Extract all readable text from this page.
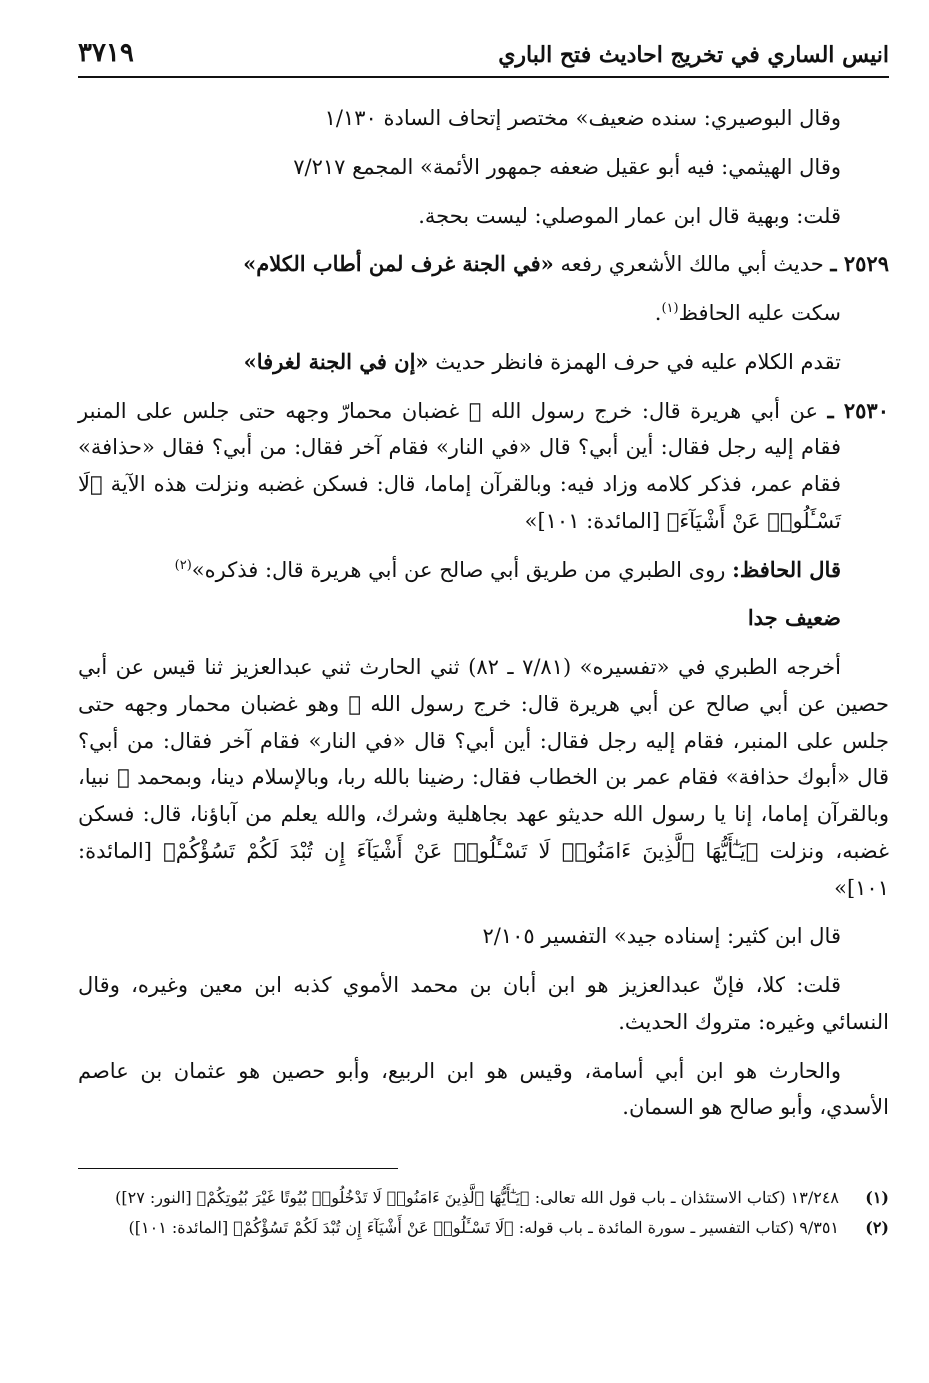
انيس الساري في تخريج احاديث فتح الباري
٣٧١٩

وقال البوصيري: سنده ضعيف» مختصر إتحاف السادة ١/١٣٠

وقال الهيثمي: فيه أبو عقيل ضعفه جمهور الأئمة» المجمع ٧/٢١٧

قلت: وبهية قال ابن عمار الموصلي: ليست بحجة.

٢٥٢٩ ـ حديث أبي مالك الأشعري رفعه «في الجنة غرف لمن أطاب الكلام»

سكت عليه الحافظ$^{(١)}$.

تقدم الكلام عليه في حرف الهمزة فانظر حديث «إن في الجنة لغرفا»

٢٥٣٠ ـ عن أبي هريرة قال: خرج رسول الله ﷺ غضبان محمارّ وجهه حتى جلس على المنبر فقام إليه رجل فقال: أين أبي؟ قال «في النار» فقام آخر فقال: من أبي؟ فقال «حذافة» فقام عمر، فذكر كلامه وزاد فيه: وبالقرآن إماما، قال: فسكن غضبه ونزلت هذه الآية ﴿لَا تَسْـَٔلُوا۟ عَنْ أَشْيَآءَ﴾ [المائدة: ١٠١]»

قال الحافظ: روى الطبري من طريق أبي صالح عن أبي هريرة قال: فذكره»$^{(٢)}$

ضعيف جدا

أخرجه الطبري في «تفسيره» (٧/٨١ ـ ٨٢) ثني الحارث ثني عبدالعزيز ثنا قيس عن أبي حصين عن أبي صالح عن أبي هريرة قال: خرج رسول الله ﷺ وهو غضبان محمار وجهه حتى جلس على المنبر، فقام إليه رجل فقال: أين أبي؟ قال «في النار» فقام آخر فقال: من أبي؟ قال «أبوك حذافة» فقام عمر بن الخطاب فقال: رضينا بالله ربا، وبالإسلام دينا، وبمحمد ﷺ نبيا، وبالقرآن إماما، إنا يا رسول الله حديثو عهد بجاهلية وشرك، والله يعلم من آباؤنا، قال: فسكن غضبه، ونزلت ﴿يَـٰٓأَيُّهَا ٱلَّذِينَ ءَامَنُوا۟ لَا تَسْـَٔلُوا۟ عَنْ أَشْيَآءَ إِن تُبْدَ لَكُمْ تَسُؤْكُمْ﴾ [المائدة: ١٠١]»

قال ابن كثير: إسناده جيد» التفسير ٢/١٠٥

قلت: كلا، فإنّ عبدالعزيز هو ابن أبان بن محمد الأموي كذبه ابن معين وغيره، وقال النسائي وغيره: متروك الحديث.

والحارث هو ابن أبي أسامة، وقيس هو ابن الربيع، وأبو حصين هو عثمان بن عاصم الأسدي، وأبو صالح هو السمان.

(١)
١٣/٢٤٨ (كتاب الاستئذان ـ باب قول الله تعالى: ﴿يَـٰٓأَيُّهَا ٱلَّذِينَ ءَامَنُوا۟ لَا تَدْخُلُوا۟ بُيُوتًا غَيْرَ بُيُوتِكُمْ﴾ [النور: ٢٧])
(٢)
٩/٣٥١ (كتاب التفسير ـ سورة المائدة ـ باب قوله: ﴿لَا تَسْـَٔلُوا۟ عَنْ أَشْيَآءَ إِن تُبْدَ لَكُمْ تَسُؤْكُمْ﴾ [المائدة: ١٠١])
